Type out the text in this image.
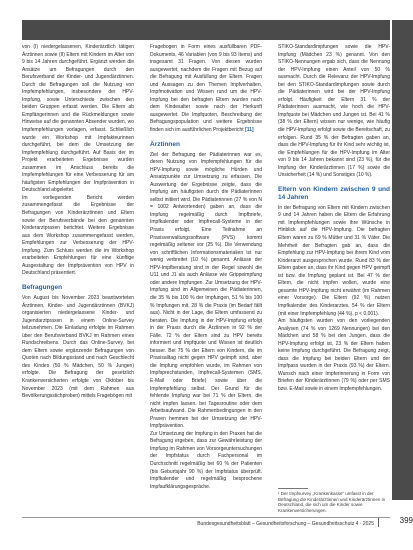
von (I) niedergelassenen, Kinderärztlich tätigen Ärztinnen sowie (II) Eltern mit Kindern im Alter von 9 bis 14 Jahren durchgeführt. Ergänzt werden die Ansätze um Befragungen durch den Berufsverband der Kinder- und Jugendärztinnen. Durch die Befragungen soll die Nutzung von Impfempfehlungen, insbesondere der HPV-Impfung, sowie Unterschiede zwischen den beiden Gruppen erfasst werden. Die Eltern ab Empfängerinnen und die Rückmeldungen sowie Hinweise auf die genannten Absender wurden, wo Impfempfehlungen vorlagen, erfasst. Schließlich wurde ein Workshop mit Impfakteurinnen durchgeführt, bei dem die Umsetzung der Impfempfehlung durchgeführt. Auf Basis der im Projekt erarbeiteten Ergebnisse wurden zusammen im Anschluss bereits die Impfempfehlungen für eine Verbesserung für am häufigsten Empfehlungen der Impfprävention in Deutschland abgeleitet.

Im vorliegenden Bericht werden zusammengefasst die Ergebnisse der Befragungen von Kinderärztinnen und Eltern sowie der Berufsverbände bei den genannten Kinderarztpraxen berichtet. Weitere Ergebnisse aus dem Workshop zusammengefasst werden, Empfehlungen zur Verbesserung der HPV-Impfung. Zum Schluss werden die im Workshop erarbeiteten Empfehlungen für eine künftige Ausgestaltung der Impfprävention von HPV in Deutschland präsentiert.

Befragungen

Von August bis November 2023 beantworteten Ärztinnen, Kinder- und Jugendärztinnen (BVKJ) organisierten niedergelassene Kinder- und Jugendarztpraxen in einem Online-Survey teilzunehmen. Die Einladung erfolgte im Rahmen über den Berufsverband BVKJ im Rahmen eines Rundschreibens. Durch das Online-Survey, bei dem Eltern sowie ergänzende Befragungen von Quoten nach Bildungsstand und nach Geschlecht des Kindes (50 % Mädchen, 50 % Jungen) erfolgte. Die Befragung der gesetzlich Krankenversicherten erfolgte von Oktober bis November 2023 (mit dem Rahmen aus Bevölkerungsstichproben) mittels Fragebögen mit

Fragebogen in Form eines ausfüllbaren PDF-Dokuments, 46 Variablen (von 9 bis 93 Items) und insgesamt 31 Fragen. Von diesen wurden ausgewertet, nachdem die Fragen mit Bezug auf die Befragung mit Ausfüllung der Eltern. Fragen und Aussagen zu den Themen Impfverhalten, Impfmotivation und Wissen rund um die HPV-Impfung bei den befragten Eltern wurden nach dem Kindesalter sowie nach der Herkunft ausgewertet. Die Impfquoten, Beschreibung der Befragungspopulation und weitere Ergebnisse finden sich im ausführlichen Projektbericht [11]

Ärztinnen

Ziel der Befragung der Pädiaterinnen war es, deren Nutzung von Impfempfehlungen für die HPV-Impfung sowie mögliche Hürden und Ansatzpunkte zur Umsetzung zu erfassen. Die Auswertung der Ergebnisse zeigte, dass die Impfung am häufigsten durch die Pädiaterinnen selbst initiiert wird. Die Pädiaterinnen (27 % von N = 1002 Antwortenden) gaben an, dass die Impfung regelmäßig durch Impfbriefe, Impfkalender oder Impfrecall-Systeme in der Praxis erfolgt. Eine Teilnahme an Praxisverwaltungssoftware (PVS) kommt regelmäßig seltener vor (25 %). Die Verwendung von schriftlichen Informationsmaterialien ist nur wenig verbreitet (10 %) genannt. Anlässe der HPV-Impfberatung sind in der Regel sowohl die U11 und J1 als auch Anlässe wie Grippeimpfung oder andere Impfungen. Zur Umsetzung der HPV-Impfung sind im Allgemeinen die Pädiaterinnen, die 35 % bis 100 % der Impfungen, 51 % bis 100 % Impfungen mit, 28 % die Praxis (im Bedarf fällt aus). Nicht in der Lage, die Eltern umfassend zu beraten. Die Impfung in der HPV-Impfung erfolgt in der Praxis durch die Ärztinnen in 92 % der Fälle. 72 % der Eltern sind zu HPV bereits informiert und Impfquote und Wissen ist deutlich besser. Bei 75 % der Eltern von Kindern, die im Praxisalltag nicht gegen HPV geimpft sind, aber die Impfung empfohlen wurde, im Rahmen von Impfsprechstunden, Impfrecall-Systemen (SMS, E-Mail oder Briefe) sowie über die Impfempfehlung selbst. Der Grund für die fehlende Impfung war bei 71 % der Eltern, die nicht impfen lassen, bei Tagesroutine oder dem Arbeitsaufwand. Die Rahmenbedingungen in den Praxen hemmen bei der Umsetzung der HPV-Impfprävention.

Zur Umsetzung der Impfung in den Praxen hat die Befragung ergeben, dass zur Gewährleistung der Impfung im Rahmen von Vorsorgeuntersuchungen der Impfstatus durch Fachpersonal im Durchschnitt regelmäßig bei 60 % der Patienten (bis Geburtsjahr 90 %) der Impfstatus überprüft. Impfkalender und regelmäßig besprochene Impfaufklärungsgespräche.

STIKO-Standardimpfungen sowie die HPV-Impfung (Mädchen 23 %) genannt. Von den STIKO-Nennungen ergab sich, dass die Nennung der HPV-Impfung einen Anteil von 50 % ausmacht. Durch die Relevanz der HPV-Impfung bei den STIKO-Standardimpfungen sowie durch die Pädiaterinnen wird bei der HPV-Impfung erfolgt. Häufigkeit der Eltern 31 % der Pädiaterinnen ausmacht, wie hoch die HPV-Impfquote bei Mädchen und Jungen ist. Bei 41 % (38 % der Eltern) wissen nur wenige, wie häufig die HPV-Impfung erfolgt sowie die Bereitschaft, zu erfolgen. Rund 35 % der Befragten gaben an, dass die HPV-Impfung für ihr Kind sehr wichtig ist, die Empfehlungen für die HPV-Impfung im Alter von 9 bis 14 Jahren bekannt sind (23 %), für die Impfung der Kinderärztinnen (17 %) sowie die Unsicherheit (14 %) und Sonstiges (10 %).

Eltern von Kindern zwischen 9 und 14 Jahren

In der Befragung von Eltern mit Kindern zwischen 9 und 14 Jahren haben die Eltern die Erfahrung mit Impfempfehlungen sowie ihre Wünsche in Hinblick auf die HPV-Impfung. Die befragten Eltern waren zu 69 % Mütter und 31 % Väter. Die Mehrheit der Befragten gab an, dass die Empfehlung zur HPV-Impfung bei ihrem Kind vom Kinderarzt ausgesprochen wurde. Rund 83 % der Eltern gaben an, dass ihr Kind gegen HPV geimpft ist bzw. die Impfung geplant ist. Bei 47 % der Eltern, die nicht impfen wollen, wurde eine gesamte HPV-Impfung nicht erwähnt (im Rahmen einer Vorsorge). Die Eltern (92 %) nutzen Impfkalender des Kinderarztes. 54 % der Eltern (mit einer Impfempfehlung (44 %), p < 0,001).

Am häufigsten wurden von den vorliegenden Analysen (74 % von 1269 Nennungen) bei den Mädchen und 58 % bei den Jungen, dass die HPV-Impfung erfolgt ist, 23 % der Eltern haben keine Impfung durchgeführt. Die Befragung zeigt, dass die Impfung bei beiden Eltern und der Impfpass wurden in der Praxis (93 %) der Eltern. Wunsch nach einer Impferinnerung in Form von Briefen der Kinderärztinnen (79 %) oder per SMS bzw. E-Mail sowie in einem Impfempfehlungen.

¹ Der Impfsurvey „Krankenkasse“ umfasst in der Befragung die Kinderärztinnen und Kinderärztinnen in Deutschland, die sich um die Kinder sowie Krankenversicherungen.
Bundesgesundheitsblatt – Gesundheitsforschung – Gesundheitsschutz 4 · 2025	399
